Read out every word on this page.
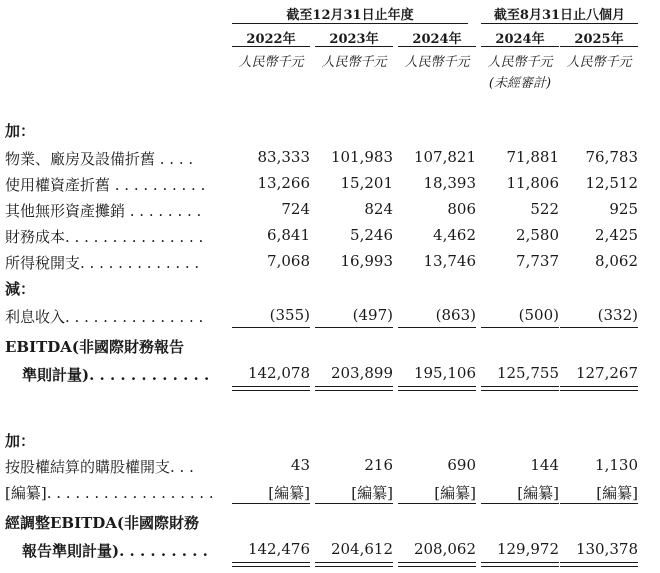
截至12月31日止年度	截至8月31日止八個月
2022年	2023年	2024年	2024年	2025年
人民幣千元	人民幣千元	人民幣千元	人民幣千元	人民幣千元
(未經審計)
加：
物業、廠房及設備折舊 . . . .	83,333	101,983	107,821	71,881	76,783
使用權資產折舊 . . . . . . . . . .	13,266	15,201	18,393	11,806	12,512
其他無形資產攤銷 . . . . . . . .	724	824	806	522	925
財務成本. . . . . . . . . . . . . . .	6,841	5,246	4,462	2,580	2,425
所得稅開支. . . . . . . . . . . . .	7,068	16,993	13,746	7,737	8,062
減：
利息收入. . . . . . . . . . . . . . .	(355)	(497)	(863)	(500)	(332)
EBITDA(非國際財務報告
準則計量). . . . . . . . . . . .	142,078	203,899	195,106	125,755	127,267
加：
按股權結算的購股權開支. . .	43	216	690	144	1,130
[編纂]. . . . . . . . . . . . . . . . . .	[編纂]	[編纂]	[編纂]	[編纂]	[編纂]
經調整EBITDA(非國際財務
報告準則計量). . . . . . . . .	142,476	204,612	208,062	129,972	130,378
